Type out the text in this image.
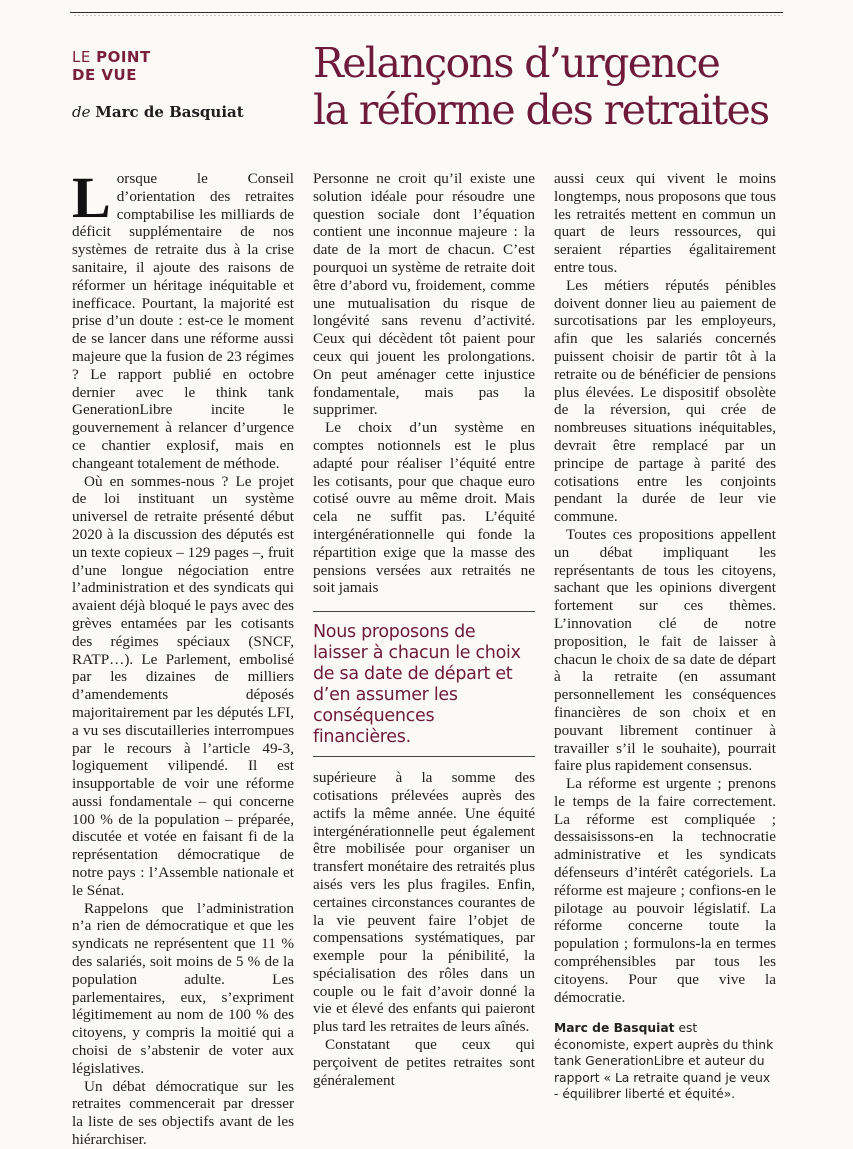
LE POINT
DE VUE
de Marc de Basquiat
Relançons d’urgence
la réforme des retraites

Lorsque le Conseil d’orientation des retraites comptabilise les milliards de déficit supplémentaire de nos systèmes de retraite dus à la crise sanitaire, il ajoute des raisons de réformer un héritage inéquitable et inefficace. Pourtant, la majorité est prise d’un doute : est-ce le moment de se lancer dans une réforme aussi majeure que la fusion de 23 régimes ? Le rapport publié en octobre dernier avec le think tank GenerationLibre incite le gouvernement à relancer d’urgence ce chantier explosif, mais en changeant totalement de méthode.

Où en sommes-nous ? Le projet de loi instituant un système universel de retraite présenté début 2020 à la discussion des députés est un texte copieux – 129 pages –, fruit d’une longue négociation entre l’administration et des syndicats qui avaient déjà bloqué le pays avec des grèves entamées par les cotisants des régimes spéciaux (SNCF, RATP…). Le Parlement, embolisé par les dizaines de milliers d’amendements déposés majoritairement par les députés LFI, a vu ses discutailleries interrompues par le recours à l’article 49-3, logiquement vilipendé. Il est insupportable de voir une réforme aussi fondamentale – qui concerne 100 % de la population – préparée, discutée et votée en faisant fi de la représentation démocratique de notre pays : l’Assemble nationale et le Sénat.

Rappelons que l’administration n’a rien de démocratique et que les syndicats ne représentent que 11 % des salariés, soit moins de 5 % de la population adulte. Les parlementaires, eux, s’expriment légitimement au nom de 100 % des citoyens, y compris la moitié qui a choisi de s’abstenir de voter aux législatives.

Un débat démocratique sur les retraites commencerait par dresser la liste de ses objectifs avant de les hiérarchiser.

Personne ne croit qu’il existe une solution idéale pour résoudre une question sociale dont l’équation contient une inconnue majeure : la date de la mort de chacun. C’est pourquoi un système de retraite doit être d’abord vu, froidement, comme une mutualisation du risque de longévité sans revenu d’activité. Ceux qui décèdent tôt paient pour ceux qui jouent les prolongations. On peut aménager cette injustice fondamentale, mais pas la supprimer.

Le choix d’un système en comptes notionnels est le plus adapté pour réaliser l’équité entre les cotisants, pour que chaque euro cotisé ouvre au même droit. Mais cela ne suffit pas. L’équité intergénérationnelle qui fonde la répartition exige que la masse des pensions versées aux retraités ne soit jamais

Nous proposons de laisser à chacun le choix de sa date de départ et d’en assumer les conséquences financières.

supérieure à la somme des cotisations prélevées auprès des actifs la même année. Une équité intergénérationnelle peut également être mobilisée pour organiser un transfert monétaire des retraités plus aisés vers les plus fragiles. Enfin, certaines circonstances courantes de la vie peuvent faire l’objet de compensations systématiques, par exemple pour la pénibilité, la spécialisation des rôles dans un couple ou le fait d’avoir donné la vie et élevé des enfants qui paieront plus tard les retraites de leurs aînés.

Constatant que ceux qui perçoivent de petites retraites sont généralement

aussi ceux qui vivent le moins longtemps, nous proposons que tous les retraités mettent en commun un quart de leurs ressources, qui seraient réparties égalitairement entre tous.

Les métiers réputés pénibles doivent donner lieu au paiement de surcotisations par les employeurs, afin que les salariés concernés puissent choisir de partir tôt à la retraite ou de bénéficier de pensions plus élevées. Le dispositif obsolète de la réversion, qui crée de nombreuses situations inéquitables, devrait être remplacé par un principe de partage à parité des cotisations entre les conjoints pendant la durée de leur vie commune.

Toutes ces propositions appellent un débat impliquant les représentants de tous les citoyens, sachant que les opinions divergent fortement sur ces thèmes. L’innovation clé de notre proposition, le fait de laisser à chacun le choix de sa date de départ à la retraite (en assumant personnellement les conséquences financières de son choix et en pouvant librement continuer à travailler s’il le souhaite), pourrait faire plus rapidement consensus.

La réforme est urgente ; prenons le temps de la faire correctement. La réforme est compliquée ; dessaisissons-en la technocratie administrative et les syndicats défenseurs d’intérêt catégoriels. La réforme est majeure ; confions-en le pilotage au pouvoir législatif. La réforme concerne toute la population ; formulons-la en termes compréhensibles par tous les citoyens. Pour que vive la démocratie.

Marc de Basquiat est économiste, expert auprès du think tank GenerationLibre et auteur du rapport « La retraite quand je veux - équilibrer liberté et équité».
